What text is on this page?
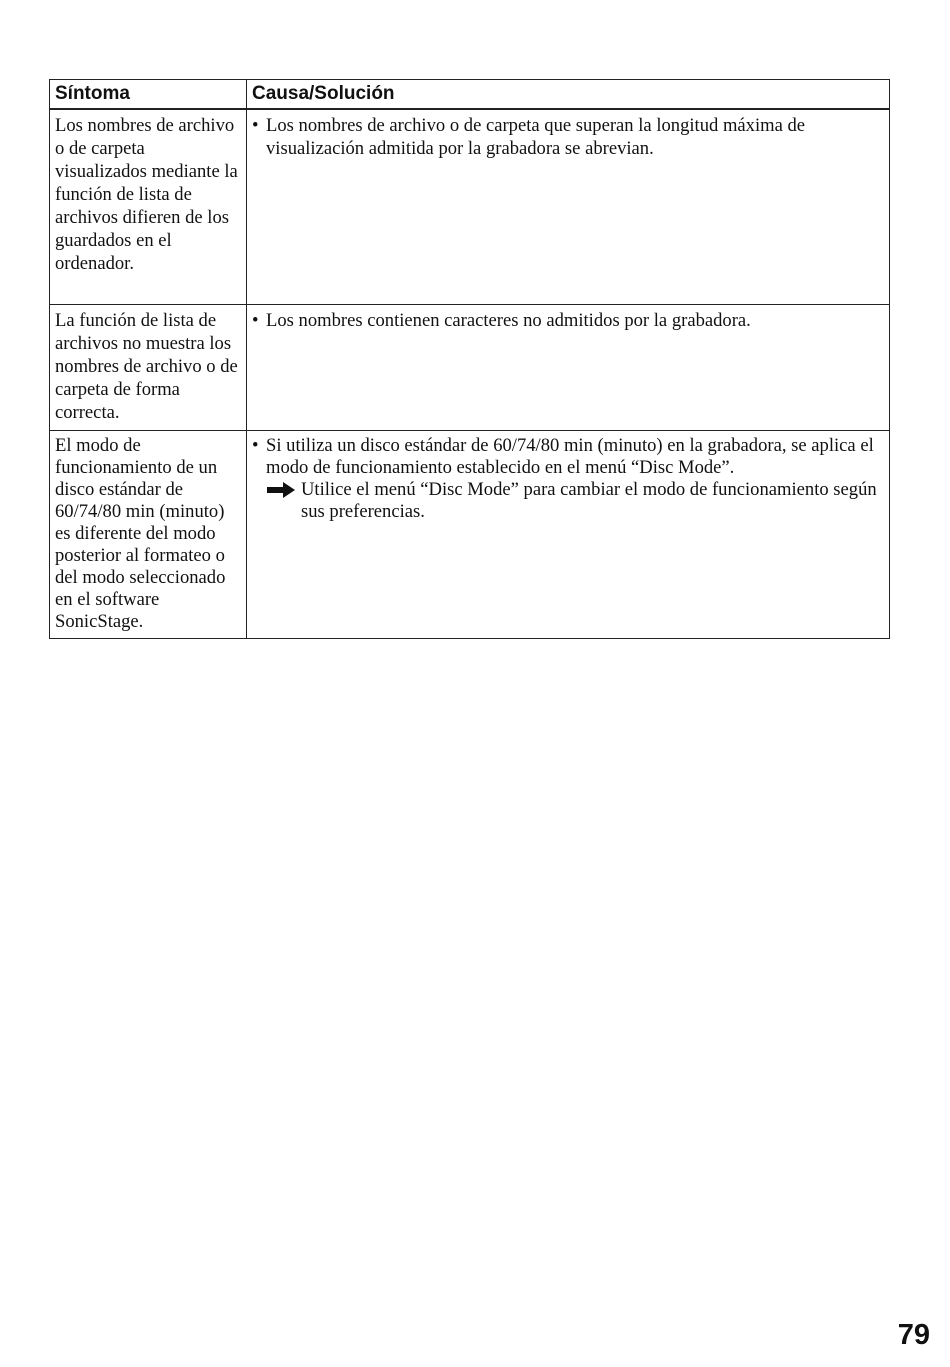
Síntoma	Causa/Solución

Los nombres de archivo o de carpeta visualizados mediante la función de lista de archivos difieren de los guardados en el ordenador.	• Los nombres de archivo o de carpeta que superan la longitud máxima de visualización admitida por la grabadora se abrevian.

La función de lista de archivos no muestra los nombres de archivo o de carpeta de forma correcta.	• Los nombres contienen caracteres no admitidos por la grabadora.

El modo de funcionamiento de un disco estándar de 60/74/80 min (minuto) es diferente del modo posterior al formateo o del modo seleccionado en el software SonicStage.	• Si utiliza un disco estándar de 60/74/80 min (minuto) en la grabadora, se aplica el modo de funcionamiento establecido en el menú “Disc Mode”.
Utilice el menú “Disc Mode” para cambiar el modo de funcionamiento según sus preferencias.
79
